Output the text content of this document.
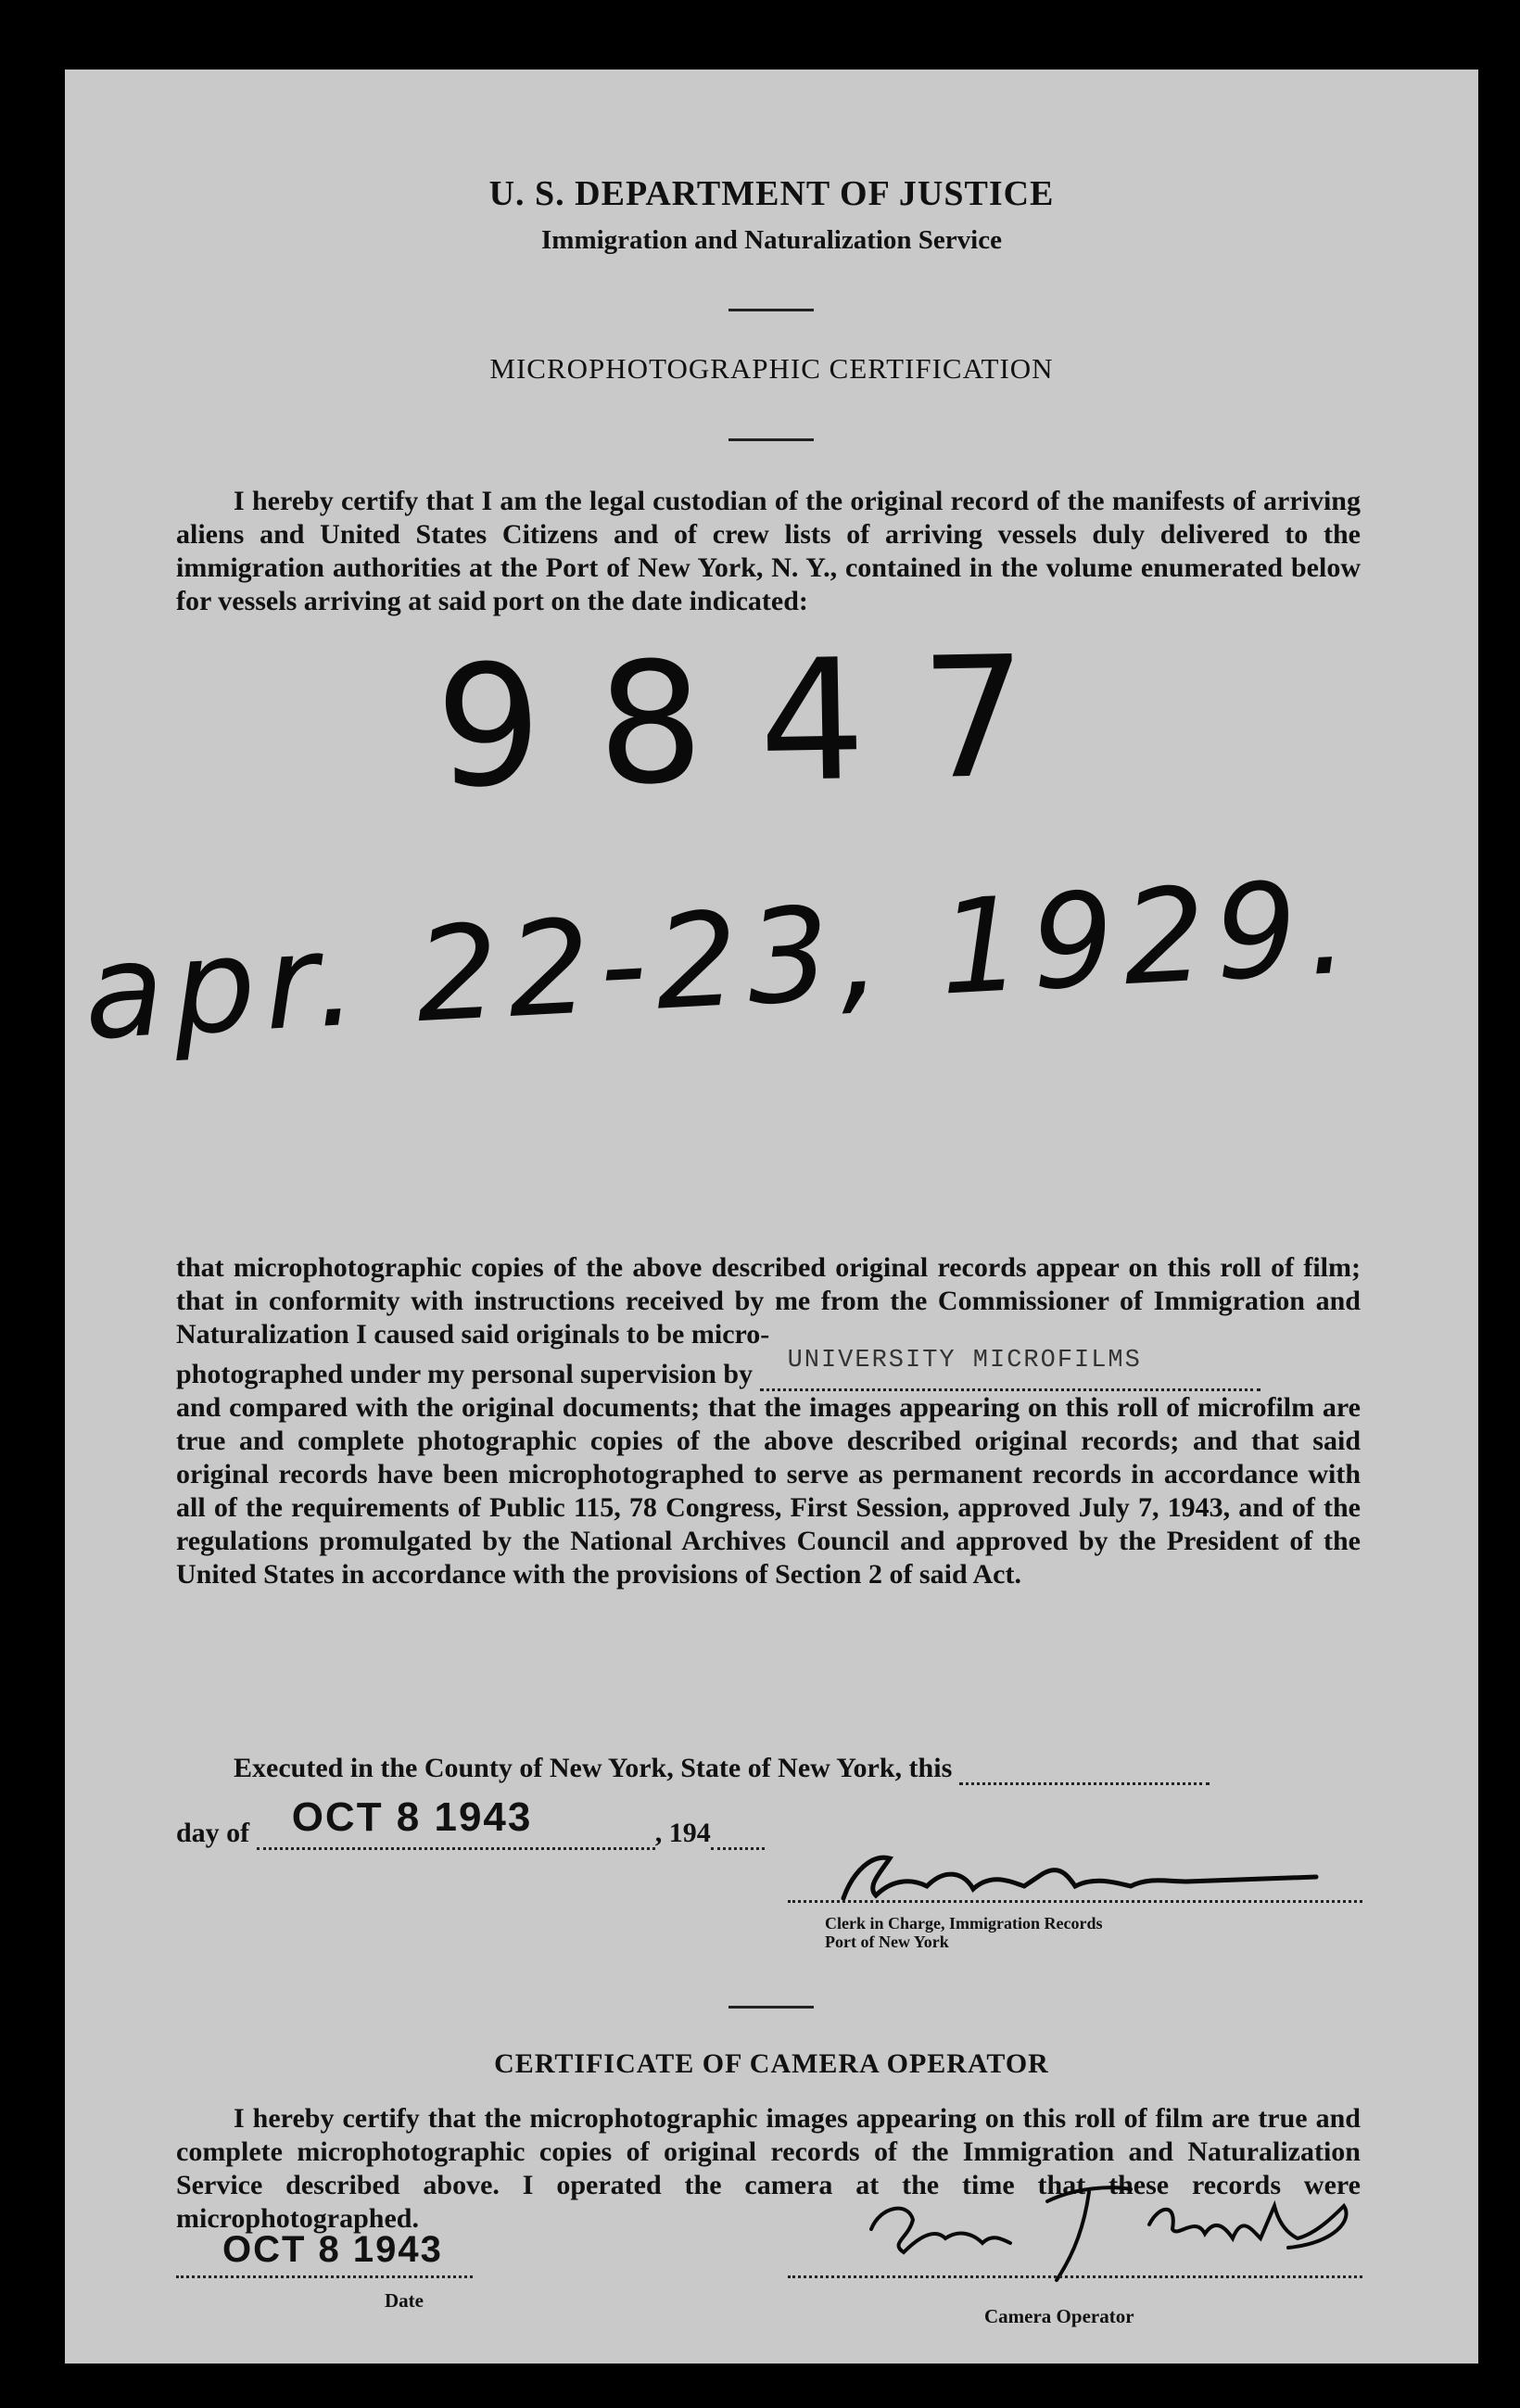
U. S. DEPARTMENT OF JUSTICE
Immigration and Naturalization Service
MICROPHOTOGRAPHIC CERTIFICATION

I hereby certify that I am the legal custodian of the original record of the manifests of arriving aliens and United States Citizens and of crew lists of arriving vessels duly delivered to the immigration authorities at the Port of New York, N. Y., contained in the volume enumerated below for vessels arriving at said port on the date indicated:

9847
apr. 22-23, 1929.

that microphotographic copies of the above described original records appear on this roll of film; that in conformity with instructions received by me from the Commissioner of Immigration and Naturalization I caused said originals to be micro-

photographed under my personal supervision by UNIVERSITY MICROFILMS

and compared with the original documents; that the images appearing on this roll of microfilm are true and complete photographic copies of the above described original records; and that said original records have been microphotographed to serve as permanent records in accordance with all of the requirements of Public 115, 78 Congress, First Session, approved July 7, 1943, and of the regulations promulgated by the National Archives Council and approved by the President of the United States in accordance with the provisions of Section 2 of said Act.

Executed in the County of New York, State of New York, this
day of OCT 8 1943	, 194
Clerk in Charge, Immigration Records
Port of New York
CERTIFICATE OF CAMERA OPERATOR

I hereby certify that the microphotographic images appearing on this roll of film are true and complete microphotographic copies of original records of the Immigration and Naturalization Service described above. I operated the camera at the time that these records were microphotographed.

OCT 8 1943
Date
Camera Operator
